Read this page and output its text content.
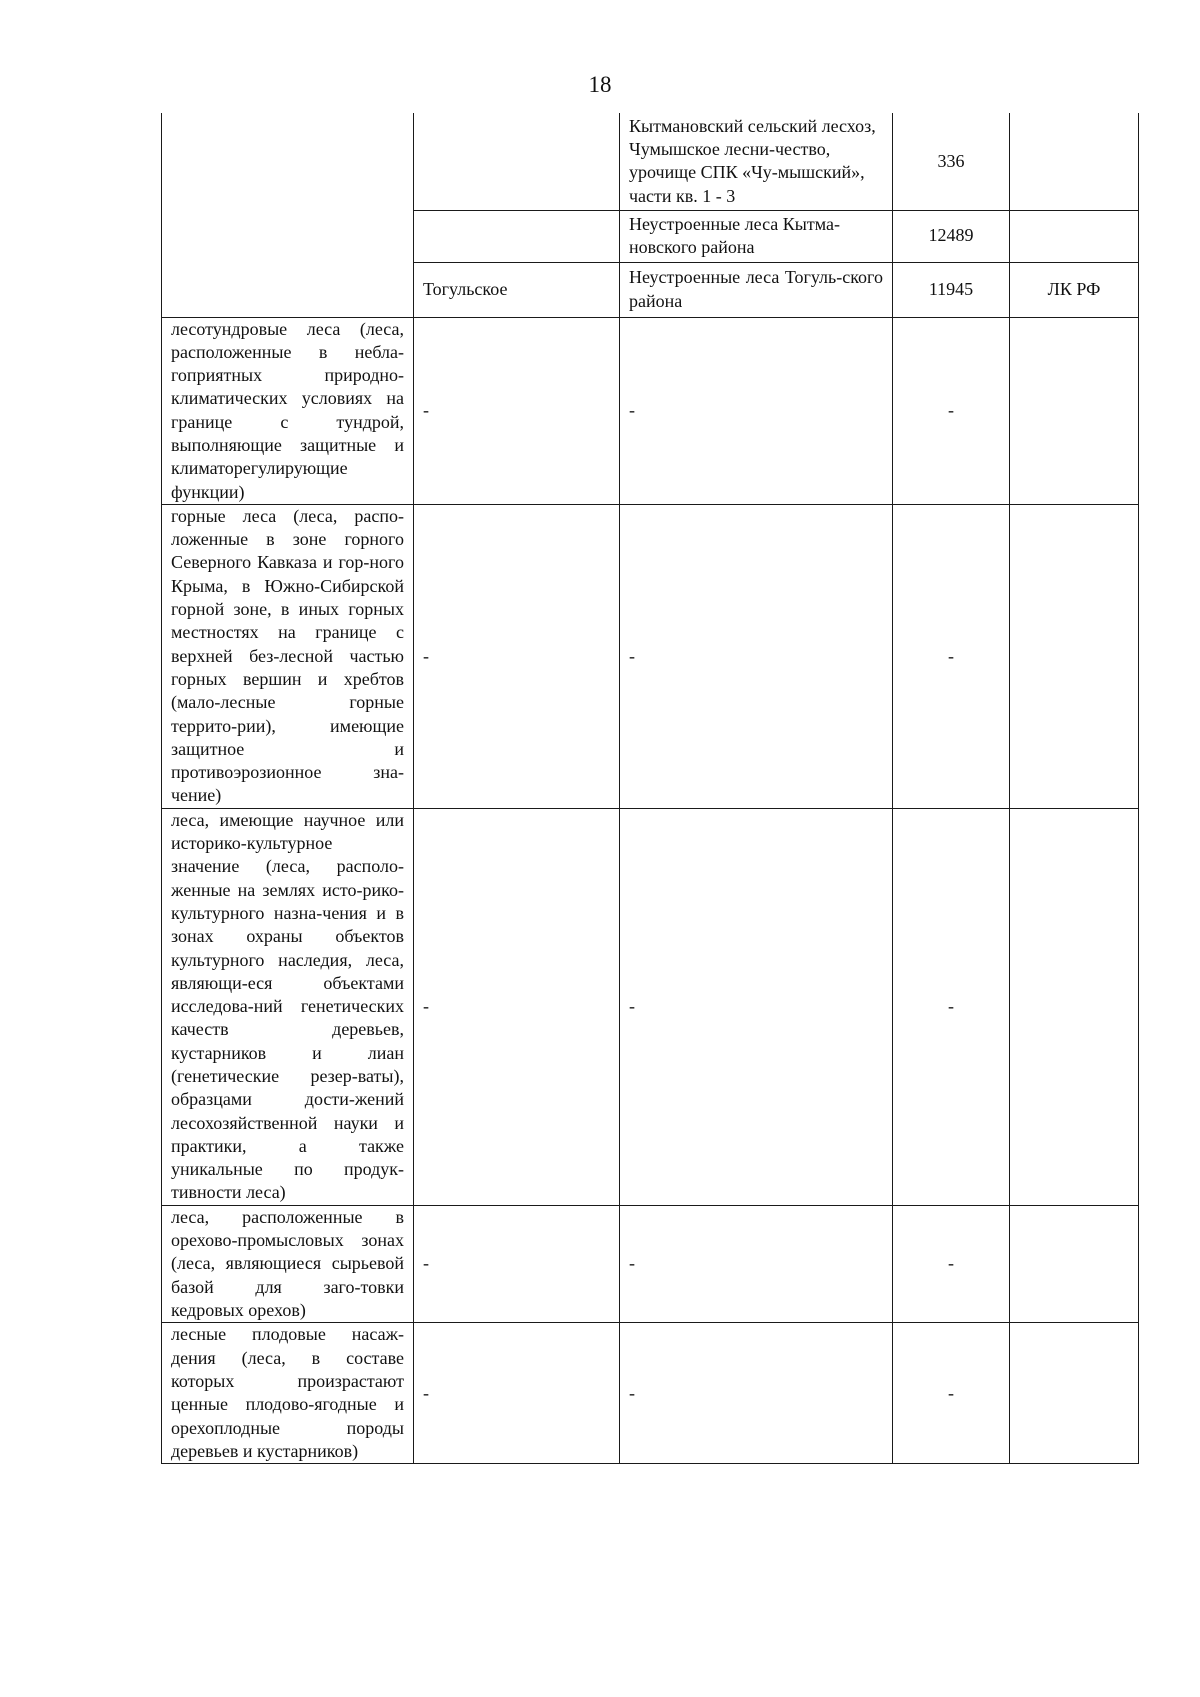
18
		Кытмановский сельский лесхоз, Чумышское лесни-чество, урочище СПК «Чу-мышский», части кв. 1 - 3	336	
		Неустроенные леса Кытма-новского района	12489	
	Тогульское	Неустроенные леса Тогуль-ского района	11945	ЛК РФ
лесотундровые леса (леса, расположенные в небла-гоприятных природно-климатических условиях на границе с тундрой, выполняющие защитные и климаторегулирующие функции)	-	-	-	
горные леса (леса, распо-ложенные в зоне горного Северного Кавказа и гор-ного Крыма, в Южно-Сибирской горной зоне, в иных горных местностях на границе с верхней без-лесной частью горных вершин и хребтов (мало-лесные горные террито-рии), имеющие защитное и противоэрозионное зна-чение)	-	-	-	
леса, имеющие научное или историко-культурное значение (леса, располо-женные на землях исто-рико-культурного назна-чения и в зонах охраны объектов культурного наследия, леса, являющи-еся объектами исследова-ний генетических качеств деревьев, кустарников и лиан (генетические резер-ваты), образцами дости-жений лесохозяйственной науки и практики, а также уникальные по продук-тивности леса)	-	-	-	
леса, расположенные в орехово-промысловых зонах (леса, являющиеся сырьевой базой для заго-товки кедровых орехов)	-	-	-	
лесные плодовые насаж-дения (леса, в составе которых произрастают ценные плодово-ягодные и орехоплодные породы деревьев и кустарников)	-	-	-	
